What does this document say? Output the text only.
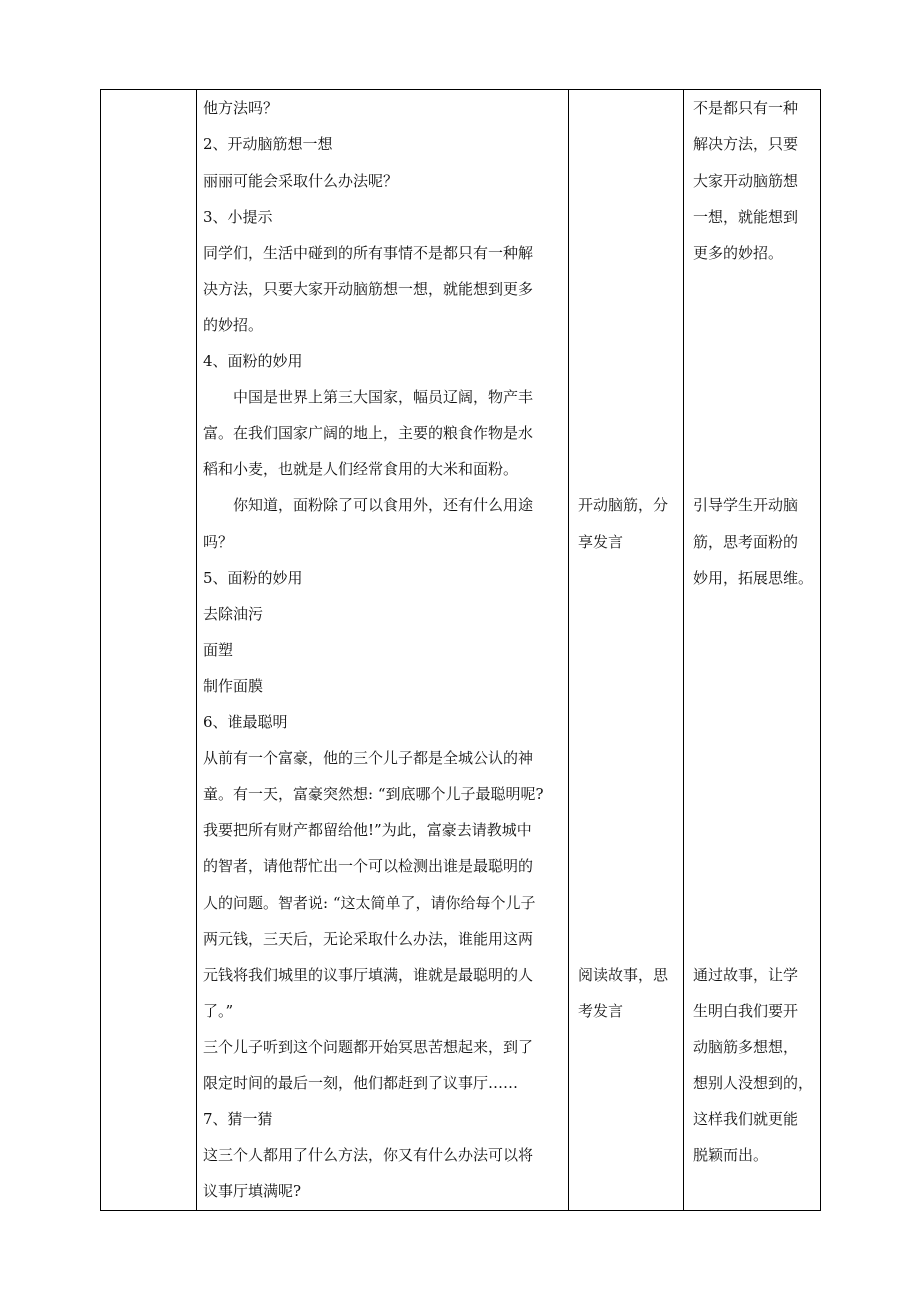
他方法吗？
2、开动脑筋想一想
丽丽可能会采取什么办法呢？
3、小提示
同学们，生活中碰到的所有事情不是都只有一种解
决方法，只要大家开动脑筋想一想，就能想到更多
的妙招。
4、面粉的妙用
　　中国是世界上第三大国家，幅员辽阔，物产丰
富。在我们国家广阔的地上，主要的粮食作物是水
稻和小麦，也就是人们经常食用的大米和面粉。
　　你知道，面粉除了可以食用外，还有什么用途
吗？
5、面粉的妙用
去除油污
面塑
制作面膜
6、谁最聪明
从前有一个富豪，他的三个儿子都是全城公认的神
童。有一天，富豪突然想: “到底哪个儿子最聪明呢?
我要把所有财产都留给他!”为此，富豪去请教城中
的智者，请他帮忙出一个可以检测出谁是最聪明的
人的问题。智者说: “这太简单了，请你给每个儿子
两元钱，三天后，无论采取什么办法，谁能用这两
元钱将我们城里的议事厅填满，谁就是最聪明的人
了。”
三个儿子听到这个问题都开始冥思苦想起来，到了
限定时间的最后一刻，他们都赶到了议事厅……
7、猜一猜
这三个人都用了什么方法，你又有什么办法可以将
议事厅填满呢?
开动脑筋，分
享发言
阅读故事，思
考发言
不是都只有一种
解决方法，只要
大家开动脑筋想
一想，就能想到
更多的妙招。
引导学生开动脑
筋，思考面粉的
妙用，拓展思维。
通过故事，让学
生明白我们要开
动脑筋多想想，
想别人没想到的，
这样我们就更能
脱颖而出。
